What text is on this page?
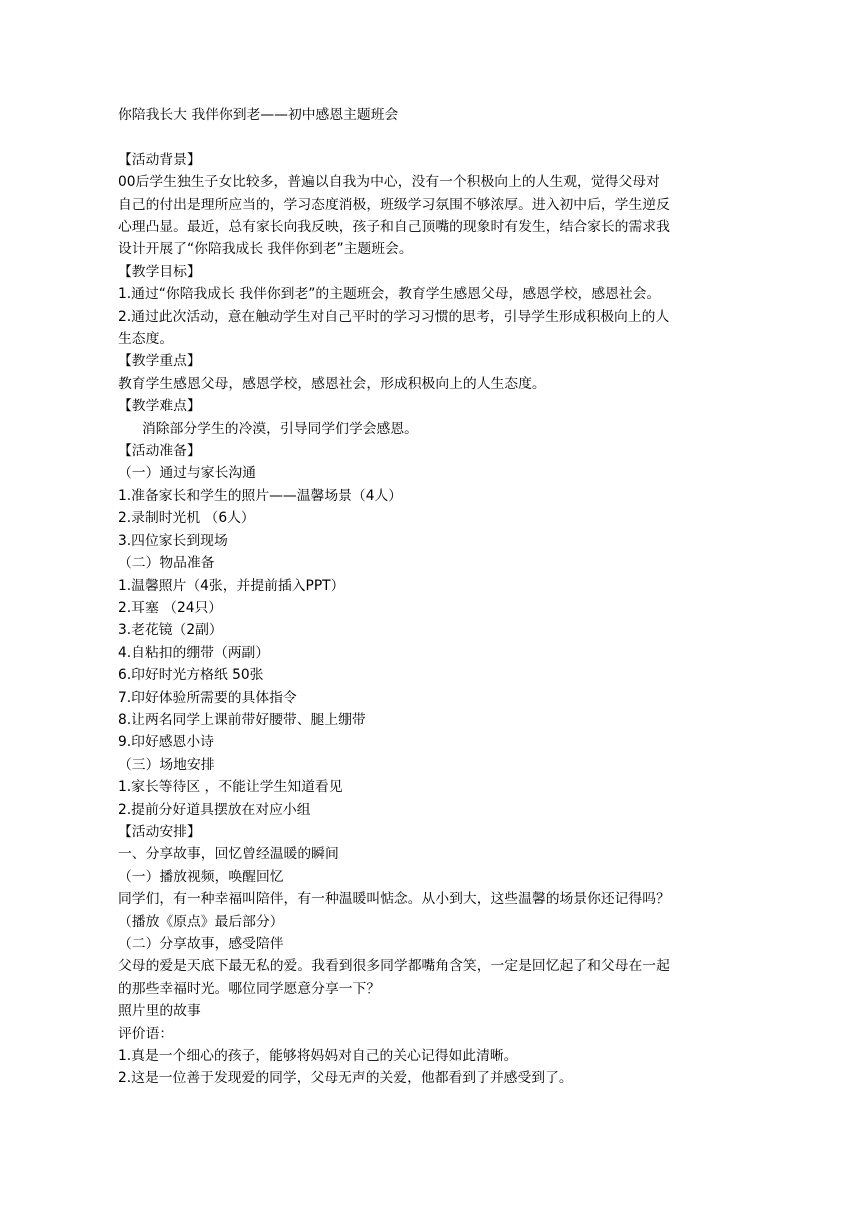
你陪我长大 我伴你到老——初中感恩主题班会

【活动背景】

00后学生独生子女比较多，普遍以自我为中心，没有一个积极向上的人生观，觉得父母对

自己的付出是理所应当的，学习态度消极，班级学习氛围不够浓厚。进入初中后，学生逆反

心理凸显。最近，总有家长向我反映，孩子和自己顶嘴的现象时有发生，结合家长的需求我

设计开展了“你陪我成长 我伴你到老”主题班会。

【教学目标】

1.通过“你陪我成长 我伴你到老”的主题班会，教育学生感恩父母，感恩学校，感恩社会。

2.通过此次活动，意在触动学生对自己平时的学习习惯的思考，引导学生形成积极向上的人

生态度。

【教学重点】

教育学生感恩父母，感恩学校，感恩社会，形成积极向上的人生态度。

【教学难点】

消除部分学生的冷漠，引导同学们学会感恩。

【活动准备】

（一）通过与家长沟通

1.准备家长和学生的照片——温馨场景（4人）

2.录制时光机 （6人）

3.四位家长到现场

（二）物品准备

1.温馨照片（4张，并提前插入PPT）

2.耳塞 （24只）

3.老花镜（2副）

4.自粘扣的绷带（两副）

6.印好时光方格纸 50张

7.印好体验所需要的具体指令

8.让两名同学上课前带好腰带、腿上绷带

9.印好感恩小诗

（三）场地安排

1.家长等待区 ，不能让学生知道看见

2.提前分好道具摆放在对应小组

【活动安排】

一、分享故事，回忆曾经温暖的瞬间

（一）播放视频，唤醒回忆

同学们，有一种幸福叫陪伴，有一种温暖叫惦念。从小到大，这些温馨的场景你还记得吗？

（播放《原点》最后部分）

（二）分享故事，感受陪伴

父母的爱是天底下最无私的爱。我看到很多同学都嘴角含笑，一定是回忆起了和父母在一起

的那些幸福时光。哪位同学愿意分享一下？

照片里的故事

评价语：

1.真是一个细心的孩子，能够将妈妈对自己的关心记得如此清晰。

2.这是一位善于发现爱的同学，父母无声的关爱，他都看到了并感受到了。
